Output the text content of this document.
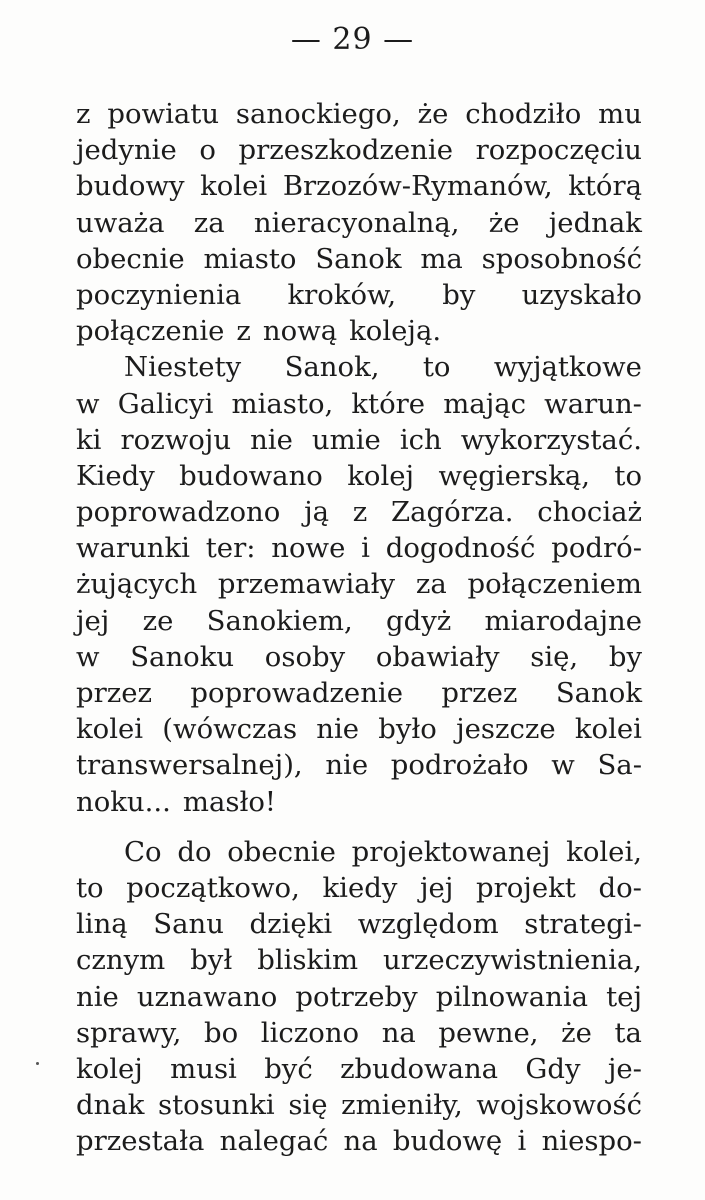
— 29 —
z powiatu sanockiego, że chodziło mu
jedynie o przeszkodzenie rozpoczęciu
budowy kolei Brzozów-Rymanów, którą
uważa za nieracyonalną, że jednak
obecnie miasto Sanok ma sposobność
poczynienia kroków, by uzyskało
połączenie z nową koleją.
Niestety Sanok, to wyjątkowe
w Galicyi miasto, które mając warun-
ki rozwoju nie umie ich wykorzystać.
Kiedy budowano kolej węgierską, to
poprowadzono ją z Zagórza. chociaż
warunki ter: nowe i dogodność podró-
żujących przemawiały za połączeniem
jej ze Sanokiem, gdyż miarodajne
w Sanoku osoby obawiały się, by
przez poprowadzenie przez Sanok
kolei (wówczas nie było jeszcze kolei
transwersalnej), nie podrożało w Sa-
noku... masło!
Co do obecnie projektowanej kolei,
to początkowo, kiedy jej projekt do-
liną Sanu dzięki względom strategi-
cznym był bliskim urzeczywistnienia,
nie uznawano potrzeby pilnowania tej
sprawy, bo liczono na pewne, że ta
kolej musi być zbudowana Gdy je-
dnak stosunki się zmieniły, wojskowość
przestała nalegać na budowę i niespo-
